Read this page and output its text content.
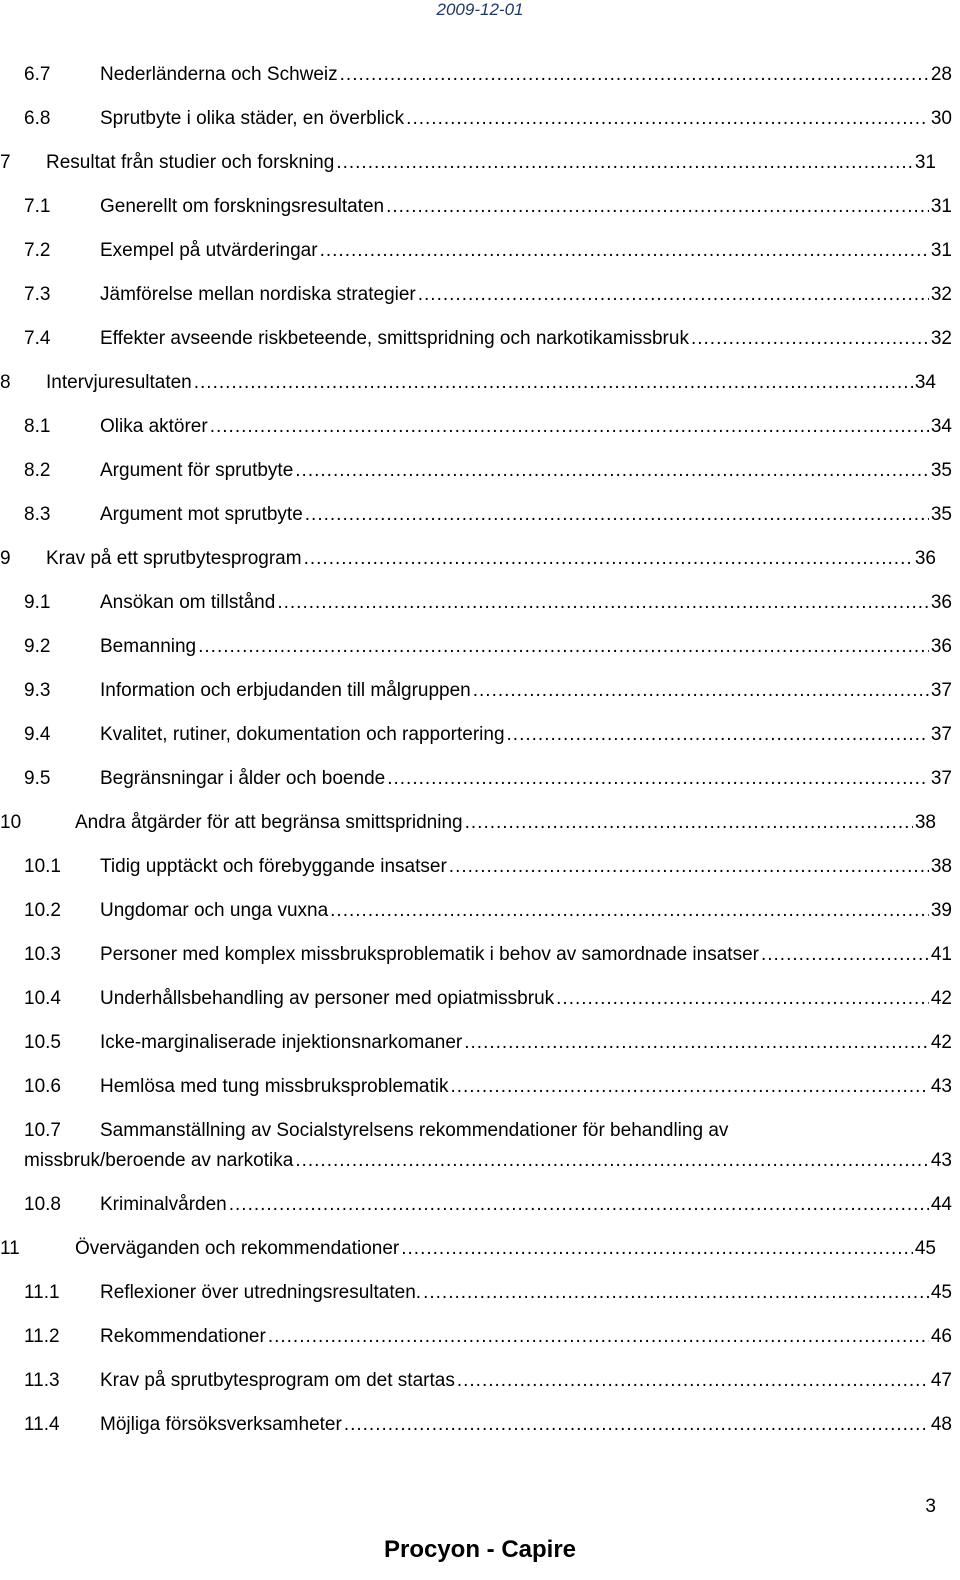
2009-12-01
6.7	Nederländerna och Schweiz .....	28
6.8	Sprutbyte i olika städer, en överblick .....	30
7 Resultat från studier och forskning .....	31
7.1	Generellt om forskningsresultaten .....	31
7.2	Exempel på utvärderingar .....	31
7.3	Jämförelse mellan nordiska strategier .....	32
7.4	Effekter avseende riskbeteende, smittspridning och narkotikamissbruk .....	32
8 Intervjuresultaten .....	34
8.1	Olika aktörer .....	34
8.2	Argument för sprutbyte .....	35
8.3	Argument mot sprutbyte .....	35
9 Krav på ett sprutbytesprogram .....	36
9.1	Ansökan om tillstånd .....	36
9.2	Bemanning .....	36
9.3	Information och erbjudanden till målgruppen .....	37
9.4	Kvalitet, rutiner, dokumentation och rapportering .....	37
9.5	Begränsningar i ålder och boende .....	37
10	Andra åtgärder för att begränsa smittspridning .....	38
10.1 Tidig upptäckt och förebyggande insatser .....	38
10.2 Ungdomar och unga vuxna .....	39
10.3 Personer med komplex missbruksproblematik i behov av samordnade insatser .....	41
10.4 Underhållsbehandling av personer med opiatmissbruk .....	42
10.5 Icke-marginaliserade injektionsnarkomaner .....	42
10.6 Hemlösa med tung missbruksproblematik .....	43
10.7 Sammanställning av Socialstyrelsens rekommendationer för behandling av
missbruk/beroende av narkotika .....	43
10.8 Kriminalvården .....	44
11	Överväganden och rekommendationer .....	45
11.1 Reflexioner över utredningsresultaten. .....	45
11.2 Rekommendationer .....	46
11.3 Krav på sprutbytesprogram om det startas .....	47
11.4 Möjliga försöksverksamheter .....	48
3
Procyon - Capire
